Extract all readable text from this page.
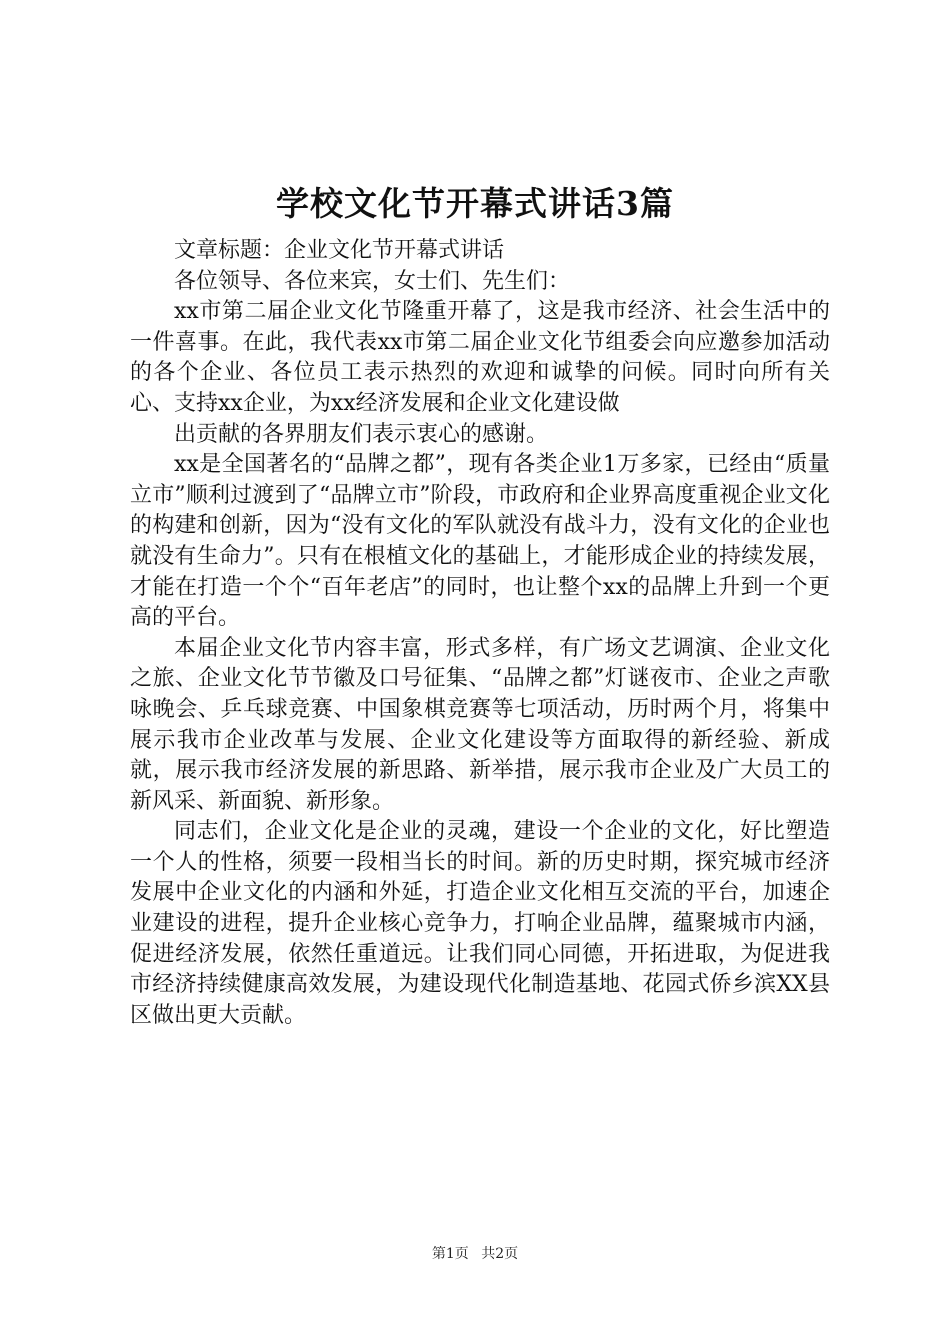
学校文化节开幕式讲话3篇

文章标题：企业文化节开幕式讲话

各位领导、各位来宾，女士们、先生们：

xx市第二届企业文化节隆重开幕了，这是我市经济、社会生活中的一件喜事。在此，我代表xx市第二届企业文化节组委会向应邀参加活动的各个企业、各位员工表示热烈的欢迎和诚挚的问候。同时向所有关心、支持xx企业，为xx经济发展和企业文化建设做

出贡献的各界朋友们表示衷心的感谢。

xx是全国著名的“品牌之都”，现有各类企业1万多家，已经由“质量立市”顺利过渡到了“品牌立市”阶段，市政府和企业界高度重视企业文化的构建和创新，因为“没有文化的军队就没有战斗力，没有文化的企业也就没有生命力”。只有在根植文化的基础上，才能形成企业的持续发展，才能在打造一个个“百年老店”的同时，也让整个xx的品牌上升到一个更高的平台。

本届企业文化节内容丰富，形式多样，有广场文艺调演、企业文化之旅、企业文化节节徽及口号征集、“品牌之都”灯谜夜市、企业之声歌咏晚会、乒乓球竞赛、中国象棋竞赛等七项活动，历时两个月，将集中展示我市企业改革与发展、企业文化建设等方面取得的新经验、新成就，展示我市经济发展的新思路、新举措，展示我市企业及广大员工的新风采、新面貌、新形象。

同志们，企业文化是企业的灵魂，建设一个企业的文化，好比塑造一个人的性格，须要一段相当长的时间。新的历史时期，探究城市经济发展中企业文化的内涵和外延，打造企业文化相互交流的平台，加速企业建设的进程，提升企业核心竞争力，打响企业品牌，蕴聚城市内涵，促进经济发展，依然任重道远。让我们同心同德，开拓进取，为促进我市经济持续健康高效发展，为建设现代化制造基地、花园式侨乡滨XX县区做出更大贡献。

第1页 共2页
